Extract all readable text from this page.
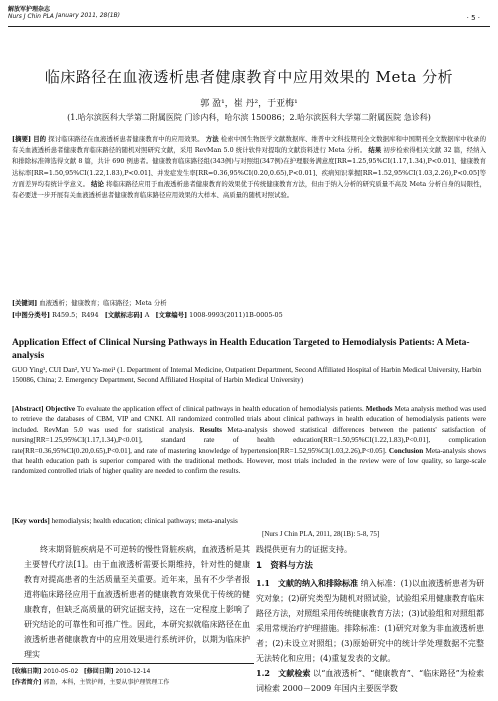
解放军护理杂志
Nurs J Chin PLA January 2011, 28(1B)	· 5 ·
临床路径在血液透析患者健康教育中应用效果的 Meta 分析
郭 盈¹，崔 丹²，于亚梅¹
(1.哈尔滨医科大学第二附属医院 门诊内科，哈尔滨 150086；2.哈尔滨医科大学第二附属医院 急诊科)
[摘要] 目的 探讨临床路径在血液透析患者健康教育中的应用效果。 方法 检索中国生物医学文献数据库、维普中文科技期刊全文数据库和中国期刊全文数据库中收录的有关血液透析患者健康教育临床路径的随机对照研究文献，采用 RevMan 5.0 统计软件对提取的文献资料进行 Meta 分析。 结果 初步检索得相关文献 32 篇，经纳入和排除标准筛选得文献 8 篇，共计 690 例患者。健康教育临床路径组(343例)与对照组(347例)在护理服务满意度[RR=1.25,95%CI(1.17,1.34),P<0.01]、健康教育达标率[RR=1.50,95%CI(1.22,1.83),P<0.01]、并发症发生率[RR=0.36,95%CI(0.20,0.65),P<0.01]、疾病知识掌握[RR=1.52,95%CI(1.03,2.26),P<0.05]等方面差异均有统计学意义。 结论 将临床路径应用于血液透析患者健康教育的效果优于传统健康教育方法，但由于纳入分析的研究质量不高及 Meta 分析自身的局限性，有必要进一步开展有关血液透析患者健康教育临床路径应用效果的大样本、高质量的随机对照试验。
[关键词] 血液透析；健康教育；临床路径；Meta 分析
[中图分类号] R459.5；R494 [文献标志码] A [文章编号] 1008-9993(2011)1B-0005-05
Application Effect of Clinical Nursing Pathways in Health Education Targeted to Hemodialysis Patients: A Meta-analysis
GUO Ying¹, CUI Dan², YU Ya-mei¹ (1. Department of Internal Medicine, Outpatient Department, Second Affiliated Hospital of Harbin Medical University, Harbin 150086, China; 2. Emergency Department, Second Affiliated Hospital of Harbin Medical University)
[Abstract] Objective To evaluate the application effect of clinical pathways in health education of hemodialysis patients. Methods Meta analysis method was used to retrieve the databases of CBM, VIP and CNKI. All randomized controlled trials about clinical pathways in health education of hemodialysis patients were included. RevMan 5.0 was used for statistical analysis. Results Meta-analysis showed statistical differences between the patients' satisfaction of nursing[RR=1.25,95%CI(1.17,1.34),P<0.01], standard rate of health education[RR=1.50,95%CI(1.22,1.83),P<0.01], complication rate[RR=0.36,95%CI(0.20,0.65),P<0.01], and rate of mastering knowledge of hypertension[RR=1.52,95%CI(1.03,2.26),P<0.05]. Conclusion Meta-analysis shows that health education path is superior compared with the traditional methods. However, most trials included in the review were of low quality, so large-scale randomized controlled trials of higher quality are needed to confirm the results.
[Key words] hemodialysis; health education; clinical pathways; meta-analysis
[Nurs J Chin PLA, 2011, 28(1B): 5-8, 75]
终末期肾脏疾病是不可逆转的慢性肾脏疾病，血液透析是其主要替代疗法[1]。由于血液透析需要长期维持，针对性的健康教育对提高患者的生活质量至关重要。近年来，虽有不少学者报道将临床路径应用于血液透析患者的健康教育效果优于传统的健康教育，但缺乏高质量的研究证据支持，这在一定程度上影响了研究结论的可靠性和可推广性。因此，本研究拟就临床路径在血液透析患者健康教育中的应用效果进行系统评价，以期为临床护理实
践提供更有力的证据支持。
1　资料与方法
1.1　文献的纳入和排除标准 纳入标准：(1)以血液透析患者为研究对象；(2)研究类型为随机对照试验，试验组采用健康教育临床路径方法，对照组采用传统健康教育方法；(3)试验组和对照组都采用常规治疗护理措施。排除标准：(1)研究对象为非血液透析患者；(2)未设立对照组；(3)原始研究中的统计学处理数据不完整无法转化和应用；(4)重复发表的文献。
1.2　文献检索 以“血液透析”、“健康教育”、“临床路径”为检索词检索 2000－2009 年国内主要医学数
[收稿日期] 2010-05-02 [修回日期] 2010-12-14
[作者简介] 郭盈，本科，主管护师，主要从事护理管理工作
